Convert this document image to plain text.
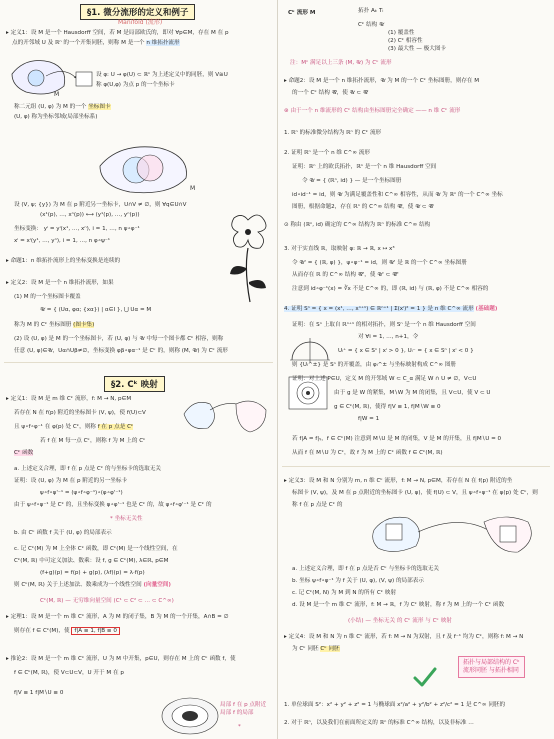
§1. 微分流形的定义和例子
Manifold (流形)
▸ 定义1：设 M 是一个 Hausdorff 空间，若 M 是局部欧氏的，即对 ∀p∈M，存在 M 在 p
点的开邻域 U 及 ℝⁿ 的一个开集同胚，则称 M 是一个 n 维拓扑流形
M
设 φ: U → φ(U) ⊂ ℝⁿ 为上述定义中的同胚，则 V≅U
称 φ(U,φ) 为点 p 的一个坐标卡
称二元组 (U, φ) 为 M 的一个 坐标图卡
(U, φ) 称为坐标邻域(局部坐标系)
M
设 (V, ψ; {y}) 为 M 在 p 附近另一坐标卡，U∩V ≠ ∅，则 ∀q∈U∩V
(x¹(p), …, xⁿ(p)) ⟷ (y¹(p), …, yⁿ(p))
坐标变换： yⁱ = yⁱ(x¹, …, xⁿ), i = 1, …, n ψ∘φ⁻¹
xⁱ = xⁱ(y¹, …, yⁿ), i = 1, …, n φ∘ψ⁻¹
▸ 命题1：n 维拓扑流形上的坐标变换是连续的
▸ 定义2：设 M 是一个 n 维拓扑流形，如果
(1) M 的一个坐标图卡覆盖
𝒰 = { (Uα, φα; {xα}) | α∈I }, ⋃ Uα = M
称为 M 的 Cᵏ 坐标图册 (图卡集)
(2) 设 (U, φ) 是 M 的一个坐标图卡，若 (U, φ) 与 𝒰 中每一个图卡都 Cᵏ 相容，则称
任意 (U, φ)∈𝒰，Uα∩Uβ≠∅，坐标变换 φβ∘φα⁻¹ 是 Cᵏ 的，则称 (M, 𝒰) 为 Cᵏ 流形
§2. Cᵏ 映射
▸ 定义1：设 M 是 m 维 Cᵏ 流形，f: M → N, p∈M
若存在 N 在 f(p) 附近的坐标图卡 (V, ψ)，使 f(U)⊂V
且 ψ∘f∘φ⁻¹ 在 φ(p) 处 Cᵏ，则称 f 在 p 点是 Cᵏ
若 f 在 M 每一点 Cᵏ，则称 f 为 M 上的 Cᵏ
Cᵏ 函数
a. 上述定义合理，即 f 在 p 点是 Cᵏ 的与坐标卡的选取无关
证明：设 (U, φ) 为 M 在 p 附近的另一坐标卡
ψ∘f∘φ'⁻¹ = (ψ∘f∘φ⁻¹)∘(φ∘φ'⁻¹)
由于 ψ∘f∘φ⁻¹ 是 Cᵏ 的，且坐标变换 φ∘φ'⁻¹ 也是 Cᵏ 的，故 ψ∘f∘φ'⁻¹ 是 Cᵏ 的
* 坐标无关性
b. 由 Cᵏ 函数 f 关于 (U, φ) 的局部表示
c. 记 Cᵏ(M) 为 M 上全体 Cᵏ 函数，即 Cᵏ(M) 是一个线性空间，在
Cᵏ(M, ℝ) 中可定义加法、数乘：设 f, g ∈ Cᵏ(M), λ∈ℝ, p∈M
(f+g)(p) = f(p) + g(p), (λf)(p) = λ·f(p)
则 Cᵏ(M, ℝ) 关于上述加法、数乘成为一个线性空间 (向量空间)
Cᵏ(M, ℝ) — 无穷维向量空间 (C¹ ⊂ C² ⊂ … ⊂ C^∞)
▸ 定理1：设 M 是一个 m 维 Cᵏ 流形，A 为 M 的闭子集，B 为 M 的一个开集，A∩B = ∅
则存在 f ∈ Cᵏ(M)，使 f|A ≡ 1, f|B ≡ 0
▸ 推论2：设 M 是一个 m 维 Cᵏ 流形，U 为 M 中开集，p∈U，则存在 M 上的 Cᵏ 函数 f，使
f ∈ Cᵏ(M, ℝ)，使 V⊂U⊂V，U 开于 M 在 p
f|V ≡ 1 f|M∖U ≡ 0
局部 f 在 p 点附近
局部 f 的局部
*
Cᵏ 流形 M	拓扑 Aₖ Tᵢ
Cᵏ 结构 𝒰
(1) 覆盖性
(2) Cᵏ 相容性
(3) 最大性 — 极大图卡
注：Mⁿ 满足以上三条 (M, 𝒰) 为 Cᵏ 流形
▸ 命题2：设 M 是一个 n 维拓扑流形，𝒰 为 M 的一个 Cᵏ 坐标图册，则存在 M
的一个 Cᵏ 结构 𝒰̃，使 𝒰 ⊂ 𝒰̃
⊛ 由于一个 n 维流形的 Cᵏ 结构由坐标图册完全确定 —— n 维 Cᵏ 流形
1. ℝⁿ 的标准微分结构为 ℝⁿ 的 Cᵏ 流形
2. 证明 ℝⁿ 是一个 n 维 C^∞ 流形
证明：ℝⁿ 上的欧氏拓扑，ℝⁿ 是一个 n 维 Hausdorff 空间
令 𝒰 = { (ℝⁿ, id) } — 是一个坐标图册
id∘id⁻¹ = id，则 𝒰 为满足覆盖性和 C^∞ 相容性，从而 𝒰 为 ℝⁿ 的一个 C^∞ 坐标
图册，根据命题2，存在 ℝⁿ 的 C^∞ 结构 𝒰̃，使 𝒰 ⊂ 𝒰̃
⊙ 称由 (ℝⁿ, id) 确定的 C^∞ 结构为 ℝⁿ 的标准 C^∞ 结构
3. 对于实直线 ℝ，取映射 φ: ℝ → ℝ, x ↦ x³
令 𝒰' = { (ℝ, φ) }，ψ∘φ⁻¹ = id，则 𝒰' 是 ℝ 的一个 C^∞ 坐标图册
从而存在 ℝ 的 C^∞ 结构 𝒰̃'，使 𝒰' ⊂ 𝒰̃'
注意到 id∘φ⁻¹(x) = ∛x 不是 C^∞ 的，即 (ℝ, id) 与 (ℝ, φ) 不是 C^∞ 相容的
4. 证明 Sⁿ = { x = (x¹, …, xⁿ⁺¹) ∈ ℝⁿ⁺¹ | Σ(xⁱ)² = 1 } 是 n 维 C^∞ 流形 (基础题)
证明：在 Sⁿ 上取自 ℝⁿ⁺¹ 的相对拓扑，则 Sⁿ 是一个 n 维 Hausdorff 空间
对 ∀i = 1, …, n+1，令
Uᵢ⁺ = { x ∈ Sⁿ | xⁱ > 0 }, Uᵢ⁻ = { x ∈ Sⁿ | xⁱ < 0 }
则 {Uᵢ^±} 是 Sⁿ 的开覆盖，由 φᵢ^± 与坐标映射构成 C^∞ 图册
证明：对上述 P∈U，定义 M 的开邻域 W ⊂ C_α 满足 W ∩ U ≠ ∅，V⊂U
由于 g 是 W 的紧集，M∖W 为 M 的闭集，且 V⊂U，使 V ⊂ U
g ∈ Cᵏ(M, ℝ)，使得 f|V ≡ 1, f|M∖W ≡ 0
f|W = 1
若 f|A = f|ᵧ，f ∈ Cᵏ(M) 注意到 M∖U 是 M 的闭集，V 是 M 的开集，且 f|M∖U = 0
从而 f 在 M∖U 为 Cᵏ，故 f 为 M 上的 Cᵏ 函数 f ∈ Cᵏ(M, ℝ)
▸ 定义3：设 M 和 N 分别为 m, n 维 Cᵏ 流形，f: M → N, p∈M，若存在 N 在 f(p) 附近的坐
标图卡 (V, ψ)，及 M 在 p 点附近的坐标图卡 (U, φ)，使 f(U) ⊂ V，且 ψ∘f∘φ⁻¹ 在 φ(p) 处 Cᵏ，则
称 f 在 p 点是 Cᵏ 的
a. 上述定义合理，即 f 在 p 点是否 Cᵏ 与坐标卡的选取无关
b. 坐标 ψ∘f∘φ⁻¹ 为 f 关于 (U, φ), (V, ψ) 的局部表示
c. 记 Cᵏ(M, N) 为 M 到 N 的所有 Cᵏ 映射
d. 设 M 是一个 m 维 Cᵏ 流形，f: M → ℝ，f 为 Cᵏ 映射，称 f 为 M 上的一个 Cᵏ 函数
(小结) — 坐标无关 的 Cᵏ 流形 与 Cᵏ 映射
▸ 定义4：设 M 和 N 为 n 维 Cᵏ 流形，若 f: M → N 为双射，且 f 及 f⁻¹ 均为 Cᵏ，则称 f: M → N
为 Cᵏ 同胚 Cᵏ 同胚
拓扑与局部结构的 Cᵏ
流形同胚 与拓扑相同
1. 单位球面 S²：x² + y² + z² = 1 与椭球面 x²/a² + y²/b² + z²/c² = 1 是 C^∞ 同胚的
2. 对于 ℝⁿ，以及我们在前面所定义的 ℝⁿ 的标准 C^∞ 结构，以及非标准 …
